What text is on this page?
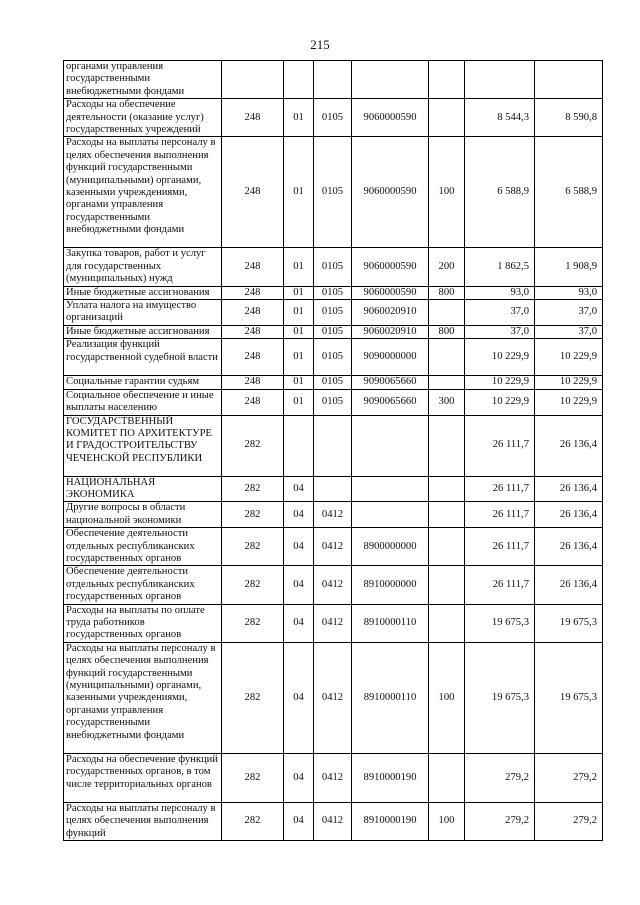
215
органами управления государственными внебюджетными фондами							
Расходы на обеспечение деятельности (оказание услуг) государственных учреждений	248	01	0105	9060000590		8 544,3	8 590,8
Расходы на выплаты персоналу в целях обеспечения выполнения функций государственными (муниципальными) органами, казенными учреждениями, органами управления государственными внебюджетными фондами	248	01	0105	9060000590	100	6 588,9	6 588,9
Закупка товаров, работ и услуг для государственных (муниципальных) нужд	248	01	0105	9060000590	200	1 862,5	1 908,9
Иные бюджетные ассигнования	248	01	0105	9060000590	800	93,0	93,0
Уплата налога на имущество организаций	248	01	0105	9060020910		37,0	37,0
Иные бюджетные ассигнования	248	01	0105	9060020910	800	37,0	37,0
Реализация функций государственной судебной власти	248	01	0105	9090000000		10 229,9	10 229,9
Социальные гарантии судьям	248	01	0105	9090065660		10 229,9	10 229,9
Социальное обеспечение и иные выплаты населению	248	01	0105	9090065660	300	10 229,9	10 229,9
ГОСУДАРСТВЕННЫЙ КОМИТЕТ ПО АРХИТЕКТУРЕ И ГРАДОСТРОИТЕЛЬСТВУ ЧЕЧЕНСКОЙ РЕСПУБЛИКИ	282					26 111,7	26 136,4
НАЦИОНАЛЬНАЯ ЭКОНОМИКА	282	04				26 111,7	26 136,4
Другие вопросы в области национальной экономики	282	04	0412			26 111,7	26 136,4
Обеспечение деятельности отдельных республиканских государственных органов	282	04	0412	8900000000		26 111,7	26 136,4
Обеспечение деятельности отдельных республиканских государственных органов	282	04	0412	8910000000		26 111,7	26 136,4
Расходы на выплаты по оплате труда работников государственных органов	282	04	0412	8910000110		19 675,3	19 675,3
Расходы на выплаты персоналу в целях обеспечения выполнения функций государственными (муниципальными) органами, казенными учреждениями, органами управления государственными внебюджетными фондами	282	04	0412	8910000110	100	19 675,3	19 675,3
Расходы на обеспечение функций государственных органов, в том числе территориальных органов	282	04	0412	8910000190		279,2	279,2
Расходы на выплаты персоналу в целях обеспечения выполнения функций	282	04	0412	8910000190	100	279,2	279,2
